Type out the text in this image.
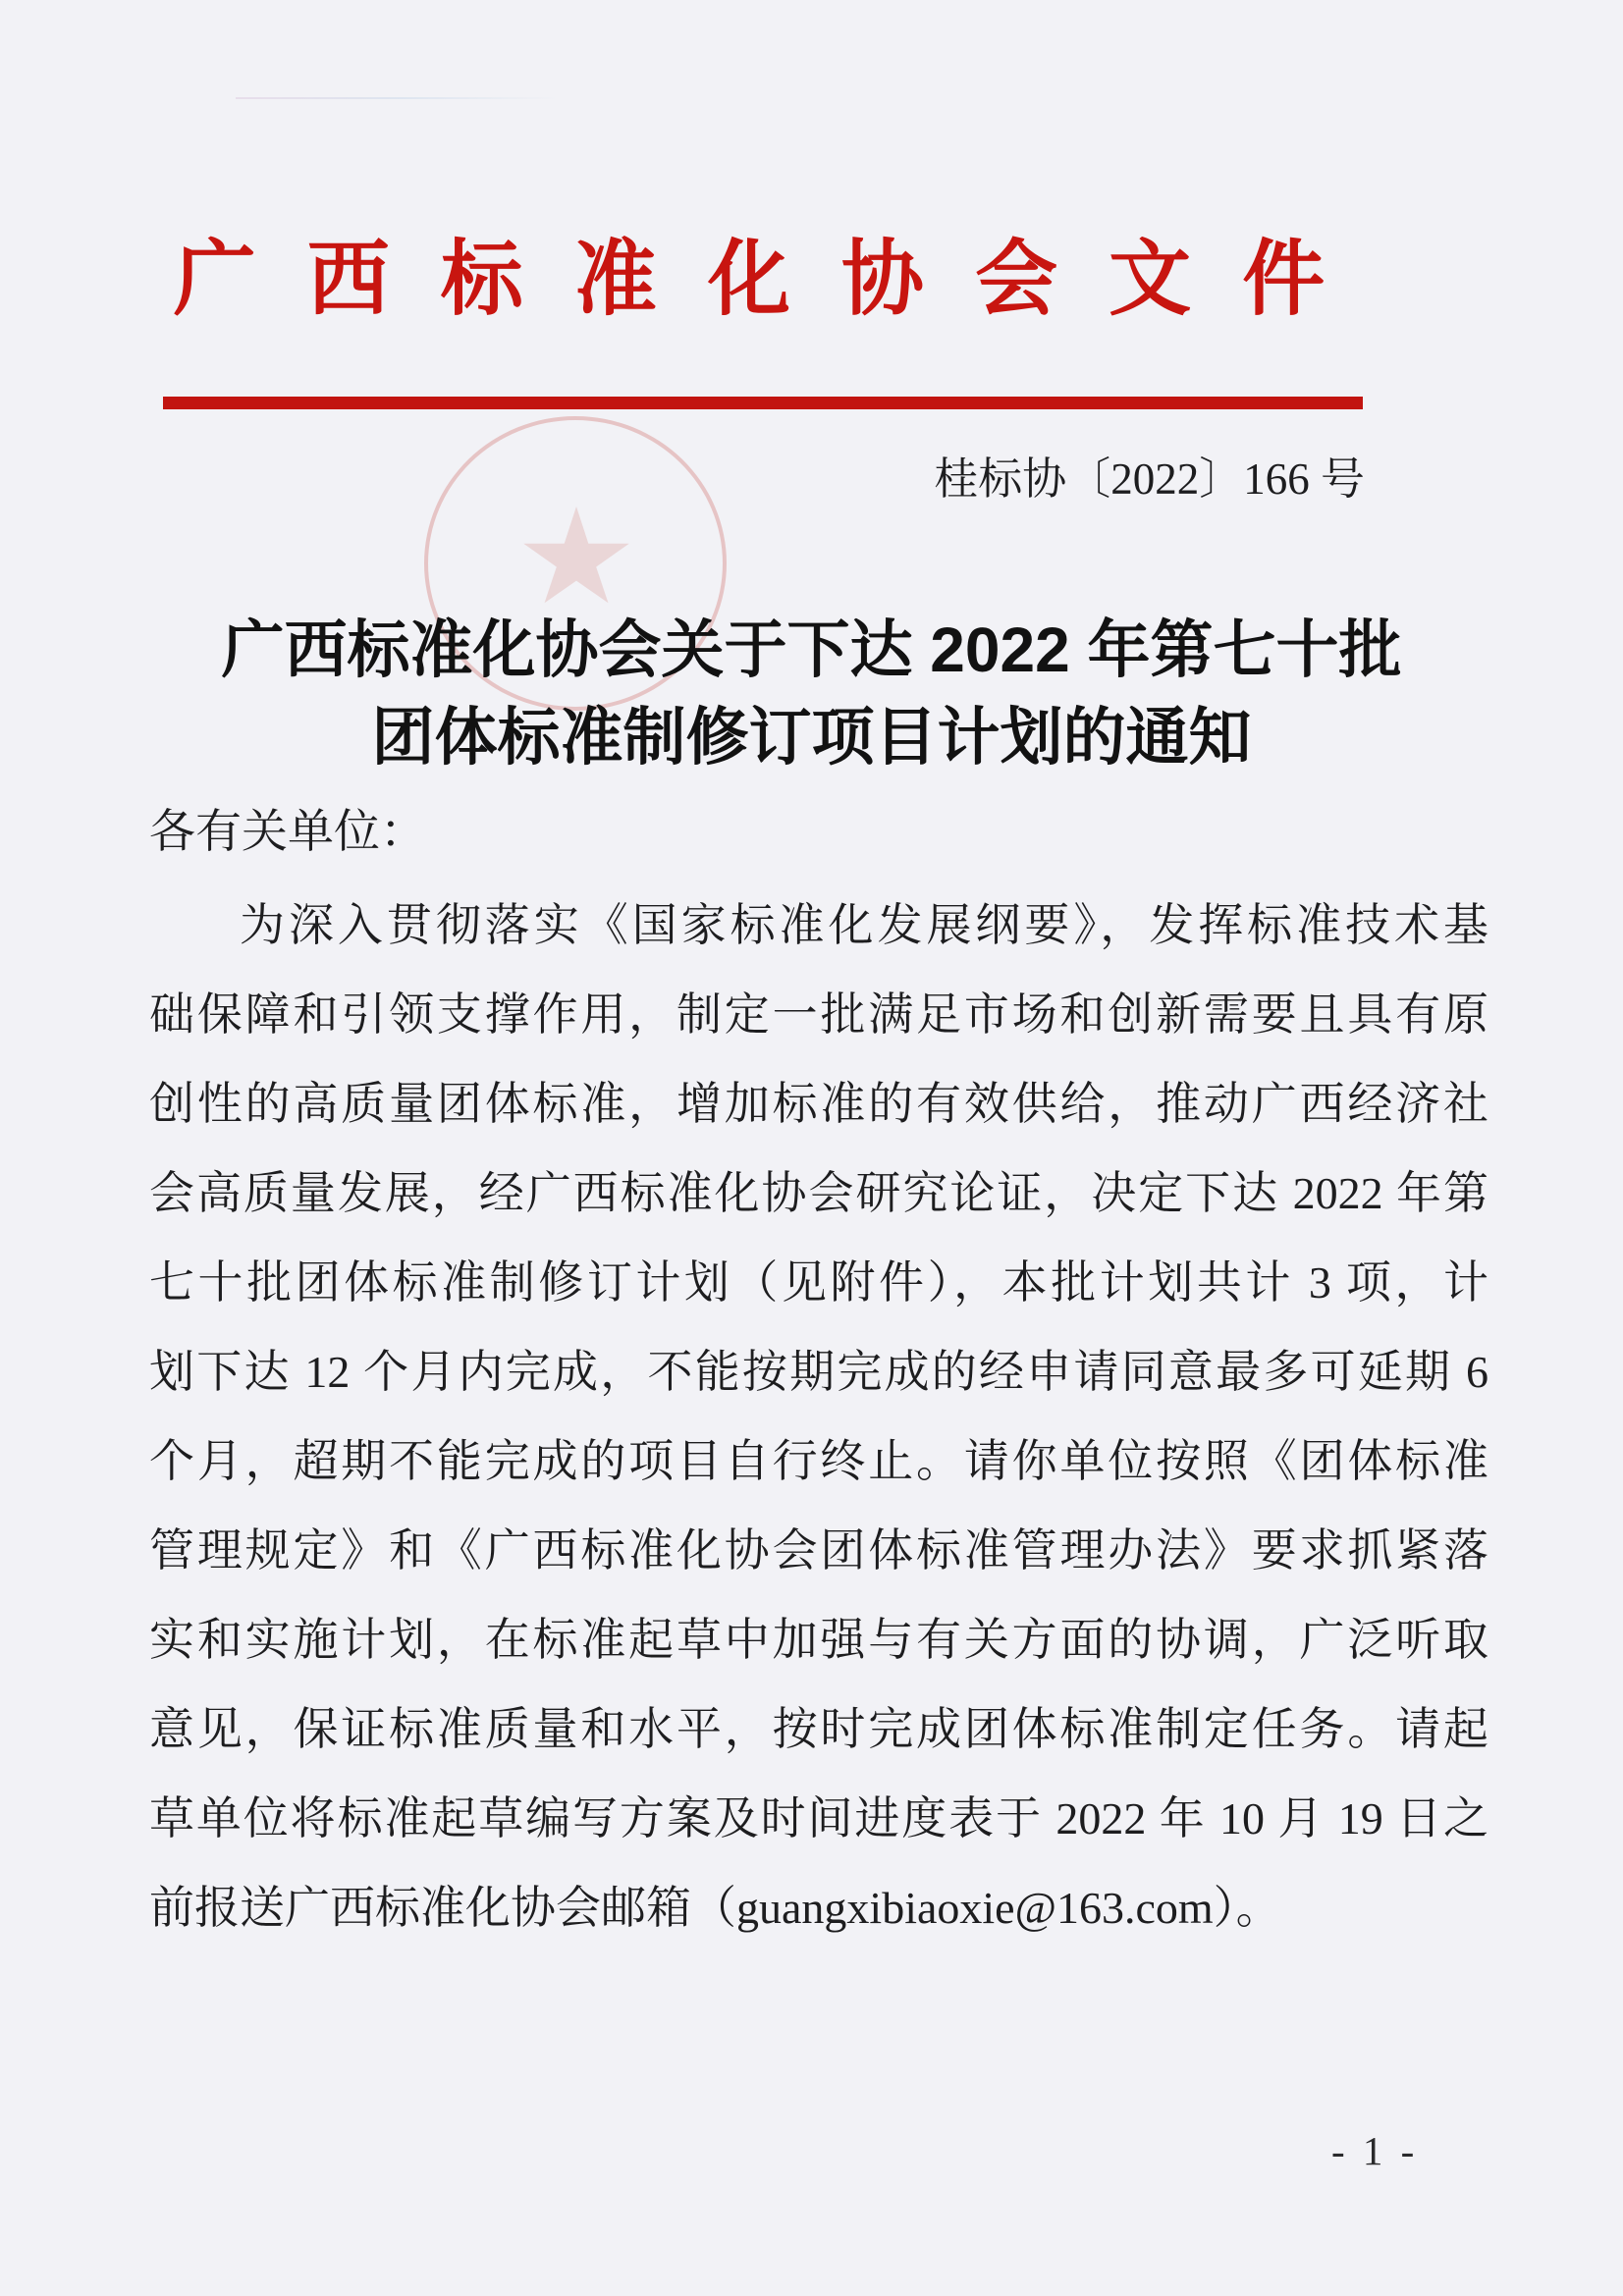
广西标准化协会文件
桂标协〔2022〕166 号
广西标准化协会关于下达 2022 年第七十批
团体标准制修订项目计划的通知
各有关单位：
为深入贯彻落实《国家标准化发展纲要》，发挥标准技术基
础保障和引领支撑作用，制定一批满足市场和创新需要且具有原
创性的高质量团体标准，增加标准的有效供给，推动广西经济社
会高质量发展，经广西标准化协会研究论证，决定下达 2022 年第
七十批团体标准制修订计划（见附件），本批计划共计 3 项，计
划下达 12 个月内完成，不能按期完成的经申请同意最多可延期 6
个月，超期不能完成的项目自行终止。请你单位按照《团体标准
管理规定》和《广西标准化协会团体标准管理办法》要求抓紧落
实和实施计划，在标准起草中加强与有关方面的协调，广泛听取
意见，保证标准质量和水平，按时完成团体标准制定任务。请起
草单位将标准起草编写方案及时间进度表于 2022 年 10 月 19 日之
前报送广西标准化协会邮箱（guangxibiaoxie@163.com）。
- 1 -
